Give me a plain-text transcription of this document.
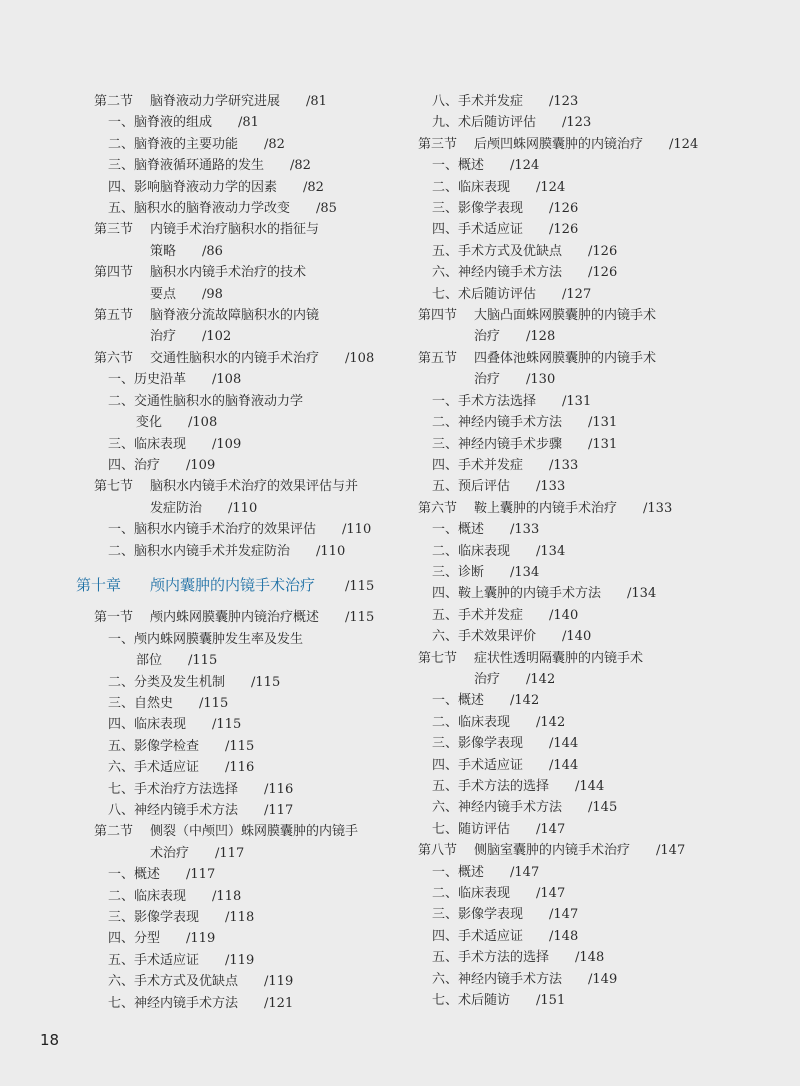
第二节 脑脊液动力学研究进展 /81
一、脑脊液的组成 /81
二、脑脊液的主要功能 /82
三、脑脊液循环通路的发生 /82
四、影响脑脊液动力学的因素 /82
五、脑积水的脑脊液动力学改变 /85
第三节 内镜手术治疗脑积水的指征与
策略 /86
第四节 脑积水内镜手术治疗的技术
要点 /98
第五节 脑脊液分流故障脑积水的内镜
治疗 /102
第六节 交通性脑积水的内镜手术治疗 /108
一、历史沿革 /108
二、交通性脑积水的脑脊液动力学
变化 /108
三、临床表现 /109
四、治疗 /109
第七节 脑积水内镜手术治疗的效果评估与并
发症防治 /110
一、脑积水内镜手术治疗的效果评估 /110
二、脑积水内镜手术并发症防治 /110
第十章 颅内囊肿的内镜手术治疗 /115
第一节 颅内蛛网膜囊肿内镜治疗概述 /115
一、颅内蛛网膜囊肿发生率及发生
部位 /115
二、分类及发生机制 /115
三、自然史 /115
四、临床表现 /115
五、影像学检查 /115
六、手术适应证 /116
七、手术治疗方法选择 /116
八、神经内镜手术方法 /117
第二节 侧裂（中颅凹）蛛网膜囊肿的内镜手
术治疗 /117
一、概述 /117
二、临床表现 /118
三、影像学表现 /118
四、分型 /119
五、手术适应证 /119
六、手术方式及优缺点 /119
七、神经内镜手术方法 /121
八、手术并发症 /123
九、术后随访评估 /123
第三节 后颅凹蛛网膜囊肿的内镜治疗 /124
一、概述 /124
二、临床表现 /124
三、影像学表现 /126
四、手术适应证 /126
五、手术方式及优缺点 /126
六、神经内镜手术方法 /126
七、术后随访评估 /127
第四节 大脑凸面蛛网膜囊肿的内镜手术
治疗 /128
第五节 四叠体池蛛网膜囊肿的内镜手术
治疗 /130
一、手术方法选择 /131
二、神经内镜手术方法 /131
三、神经内镜手术步骤 /131
四、手术并发症 /133
五、预后评估 /133
第六节 鞍上囊肿的内镜手术治疗 /133
一、概述 /133
二、临床表现 /134
三、诊断 /134
四、鞍上囊肿的内镜手术方法 /134
五、手术并发症 /140
六、手术效果评价 /140
第七节 症状性透明隔囊肿的内镜手术
治疗 /142
一、概述 /142
二、临床表现 /142
三、影像学表现 /144
四、手术适应证 /144
五、手术方法的选择 /144
六、神经内镜手术方法 /145
七、随访评估 /147
第八节 侧脑室囊肿的内镜手术治疗 /147
一、概述 /147
二、临床表现 /147
三、影像学表现 /147
四、手术适应证 /148
五、手术方法的选择 /148
六、神经内镜手术方法 /149
七、术后随访 /151
18
